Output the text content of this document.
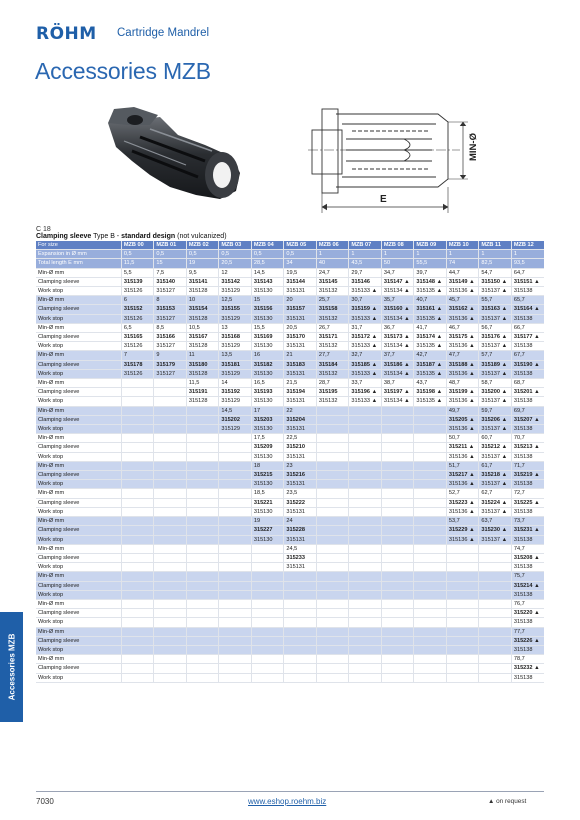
RÖHM Cartridge Mandrel
Accessories MZB
MIN-Ø
E
C 18
Clamping sleeve Type B - standard design (not vulcanized)
For size	MZB 00	MZB 01	MZB 02	MZB 03	MZB 04	MZB 05	MZB 06	MZB 07	MZB 08	MZB 09	MZB 10	MZB 11	MZB 12
Expansion in Ø mm	0,5	0,5	0,5	0,5	0,5	0,5	1	1	1	1	1	1	1
Total length E mm	11,5	15	19	20,5	28,5	34	40	43,5	50	55,5	74	82,5	93,5
Min-Ø mm	5,5	7,5	9,5	12	14,5	19,5	24,7	29,7	34,7	39,7	44,7	54,7	64,7
Clamping sleeve	315139	315140	315141	315142	315143	315144	315145	315146	315147 ▲	315148 ▲	315149 ▲	315150 ▲	315151 ▲
Work stop	315126	315127	315128	315129	315130	315131	315132	315133 ▲	315134 ▲	315135 ▲	315136 ▲	315137 ▲	315138
Min-Ø mm	6	8	10	12,5	15	20	25,7	30,7	35,7	40,7	45,7	55,7	65,7
Clamping sleeve	315152	315153	315154	315155	315156	315157	315158	315159 ▲	315160 ▲	315161 ▲	315162 ▲	315163 ▲	315164 ▲
Work stop	315126	315127	315128	315129	315130	315131	315132	315133 ▲	315134 ▲	315135 ▲	315136 ▲	315137 ▲	315138
Min-Ø mm	6,5	8,5	10,5	13	15,5	20,5	26,7	31,7	36,7	41,7	46,7	56,7	66,7
Clamping sleeve	315165	315166	315167	315168	315169	315170	315171	315172 ▲	315173 ▲	315174 ▲	315175 ▲	315176 ▲	315177 ▲
Work stop	315126	315127	315128	315129	315130	315131	315132	315133 ▲	315134 ▲	315135 ▲	315136 ▲	315137 ▲	315138
Min-Ø mm	7	9	11	13,5	16	21	27,7	32,7	37,7	42,7	47,7	57,7	67,7
Clamping sleeve	315178	315179	315180	315181	315182	315183	315184	315185 ▲	315186 ▲	315187 ▲	315188 ▲	315189 ▲	315190 ▲
Work stop	315126	315127	315128	315129	315130	315131	315132	315133 ▲	315134 ▲	315135 ▲	315136 ▲	315137 ▲	315138
Min-Ø mm			11,5	14	16,5	21,5	28,7	33,7	38,7	43,7	48,7	58,7	68,7
Clamping sleeve			315191	315192	315193	315194	315195	315196 ▲	315197 ▲	315198 ▲	315199 ▲	315200 ▲	315201 ▲
Work stop			315128	315129	315130	315131	315132	315133 ▲	315134 ▲	315135 ▲	315136 ▲	315137 ▲	315138
Min-Ø mm				14,5	17	22					49,7	59,7	69,7
Clamping sleeve				315202	315203	315204					315205 ▲	315206 ▲	315207 ▲
Work stop				315129	315130	315131					315136 ▲	315137 ▲	315138
Min-Ø mm					17,5	22,5					50,7	60,7	70,7
Clamping sleeve					315209	315210					315211 ▲	315212 ▲	315213 ▲
Work stop					315130	315131					315136 ▲	315137 ▲	315138
Min-Ø mm					18	23					51,7	61,7	71,7
Clamping sleeve					315215	315216					315217 ▲	315218 ▲	315219 ▲
Work stop					315130	315131					315136 ▲	315137 ▲	315138
Min-Ø mm					18,5	23,5					52,7	62,7	72,7
Clamping sleeve					315221	315222					315223 ▲	315224 ▲	315225 ▲
Work stop					315130	315131					315136 ▲	315137 ▲	315138
Min-Ø mm					19	24					53,7	63,7	73,7
Clamping sleeve					315227	315228					315229 ▲	315230 ▲	315231 ▲
Work stop					315130	315131					315136 ▲	315137 ▲	315138
Min-Ø mm						24,5							74,7
Clamping sleeve						315233							315208 ▲
Work stop						315131							315138
Min-Ø mm													75,7
Clamping sleeve													315214 ▲
Work stop													315138
Min-Ø mm													76,7
Clamping sleeve													315220 ▲
Work stop													315138
Min-Ø mm													77,7
Clamping sleeve													315226 ▲
Work stop													315138
Min-Ø mm													78,7
Clamping sleeve													315232 ▲
Work stop													315138
Accessories MZB
7030	www.eshop.roehm.biz	▲ on request
